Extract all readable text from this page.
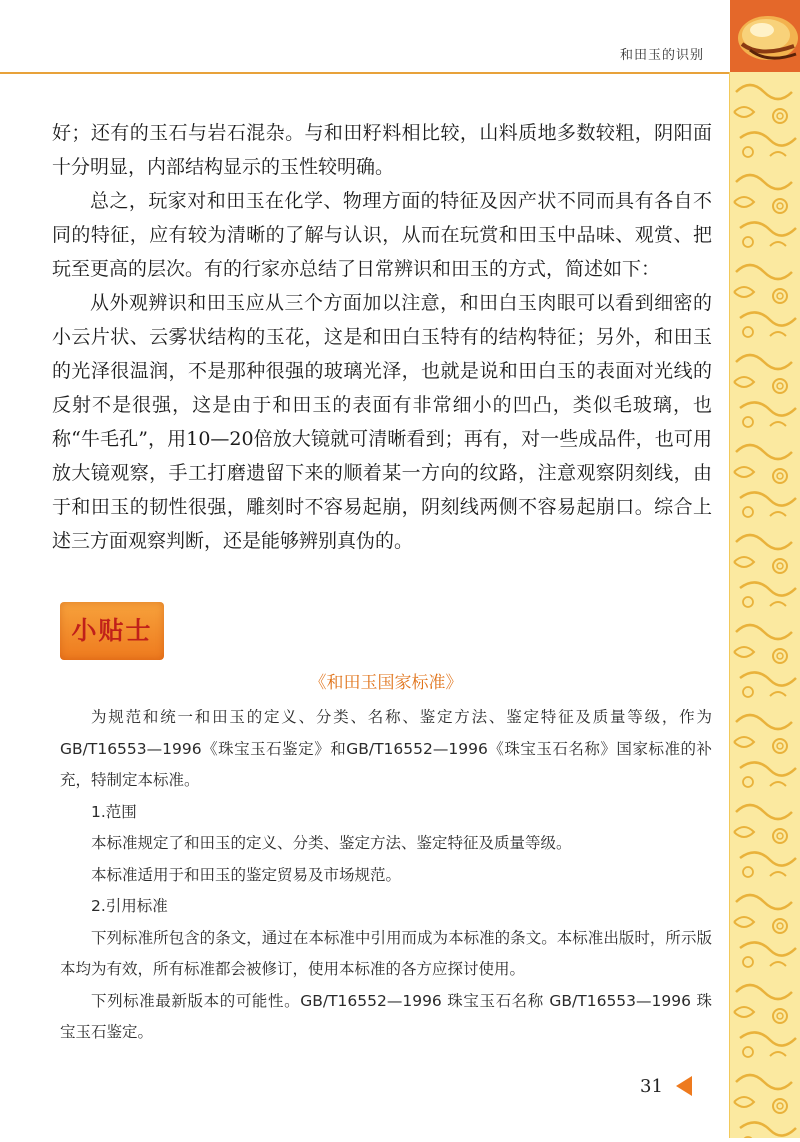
和田玉的识别

好；还有的玉石与岩石混杂。与和田籽料相比较，山料质地多数较粗，阴阳面十分明显，内部结构显示的玉性较明确。

总之，玩家对和田玉在化学、物理方面的特征及因产状不同而具有各自不同的特征，应有较为清晰的了解与认识，从而在玩赏和田玉中品味、观赏、把玩至更高的层次。有的行家亦总结了日常辨识和田玉的方式，简述如下：

从外观辨识和田玉应从三个方面加以注意，和田白玉肉眼可以看到细密的小云片状、云雾状结构的玉花，这是和田白玉特有的结构特征；另外，和田玉的光泽很温润，不是那种很强的玻璃光泽，也就是说和田白玉的表面对光线的反射不是很强，这是由于和田玉的表面有非常细小的凹凸，类似毛玻璃，也称“牛毛孔”，用10—20倍放大镜就可清晰看到；再有，对一些成品件，也可用放大镜观察，手工打磨遗留下来的顺着某一方向的纹路，注意观察阴刻线，由于和田玉的韧性很强，雕刻时不容易起崩，阴刻线两侧不容易起崩口。综合上述三方面观察判断，还是能够辨别真伪的。

小贴士
《和田玉国家标准》

为规范和统一和田玉的定义、分类、名称、鉴定方法、鉴定特征及质量等级，作为GB/T16553—1996《珠宝玉石鉴定》和GB/T16552—1996《珠宝玉石名称》国家标准的补充，特制定本标准。

1.范围

本标准规定了和田玉的定义、分类、鉴定方法、鉴定特征及质量等级。

本标准适用于和田玉的鉴定贸易及市场规范。

2.引用标准

下列标准所包含的条文，通过在本标准中引用而成为本标准的条文。本标准出版时，所示版本均为有效，所有标准都会被修订，使用本标准的各方应探讨使用。

下列标准最新版本的可能性。GB/T16552—1996 珠宝玉石名称 GB/T16553—1996 珠宝玉石鉴定。

31
